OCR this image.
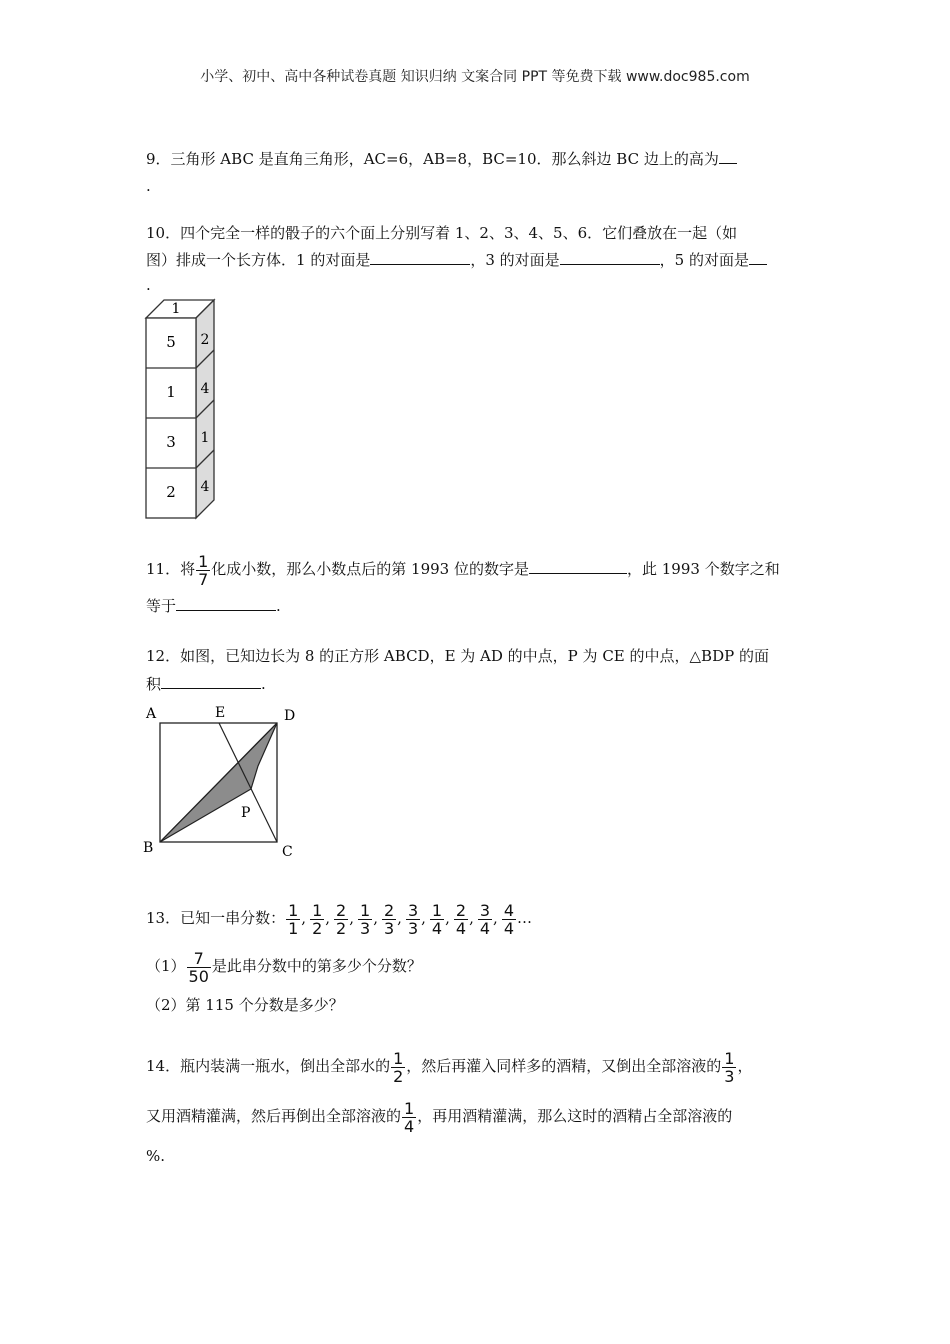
小学、初中、高中各种试卷真题 知识归纳 文案合同 PPT 等免费下载 www.doc985.com
9．三角形 ABC 是直角三角形，AC=6，AB=8，BC=10．那么斜边 BC 边上的高为
.
10．四个完全一样的骰子的六个面上分别写着 1、2、3、4、5、6．它们叠放在一起（如
图）排成一个长方体．1 的对面是	，3 的对面是	，5 的对面是
.
1
5
1
3
2
2
4
1
4
11．将 $\frac{1}{7}$ 化成小数，那么小数点后的第 1993 位的数字是	，此 1993 个数字之和
等于	.
12．如图，已知边长为 8 的正方形 ABCD，E 为 AD 的中点，P 为 CE 的中点，△BDP 的面
积	.
A	E	D
B	C
P
13．已知一串分数： $\frac{1}{1}$ , $\frac{1}{2}$ , $\frac{2}{2}$ , $\frac{1}{3}$ , $\frac{2}{3}$ , $\frac{3}{3}$ , $\frac{1}{4}$ , $\frac{2}{4}$ , $\frac{3}{4}$ , $\frac{4}{4}$ …
$(1) \frac{7}{50}$ 是此串分数中的第多少个分数？
（2）第 115 个分数是多少？
14．瓶内装满一瓶水，倒出全部水的 $\frac{1}{2}$ ，然后再灌入同样多的酒精，又倒出全部溶液的 $\frac{1}{3}$ ，
又用酒精灌满，然后再倒出全部溶液的 $\frac{1}{4}$ ，再用酒精灌满，那么这时的酒精占全部溶液的
%.
